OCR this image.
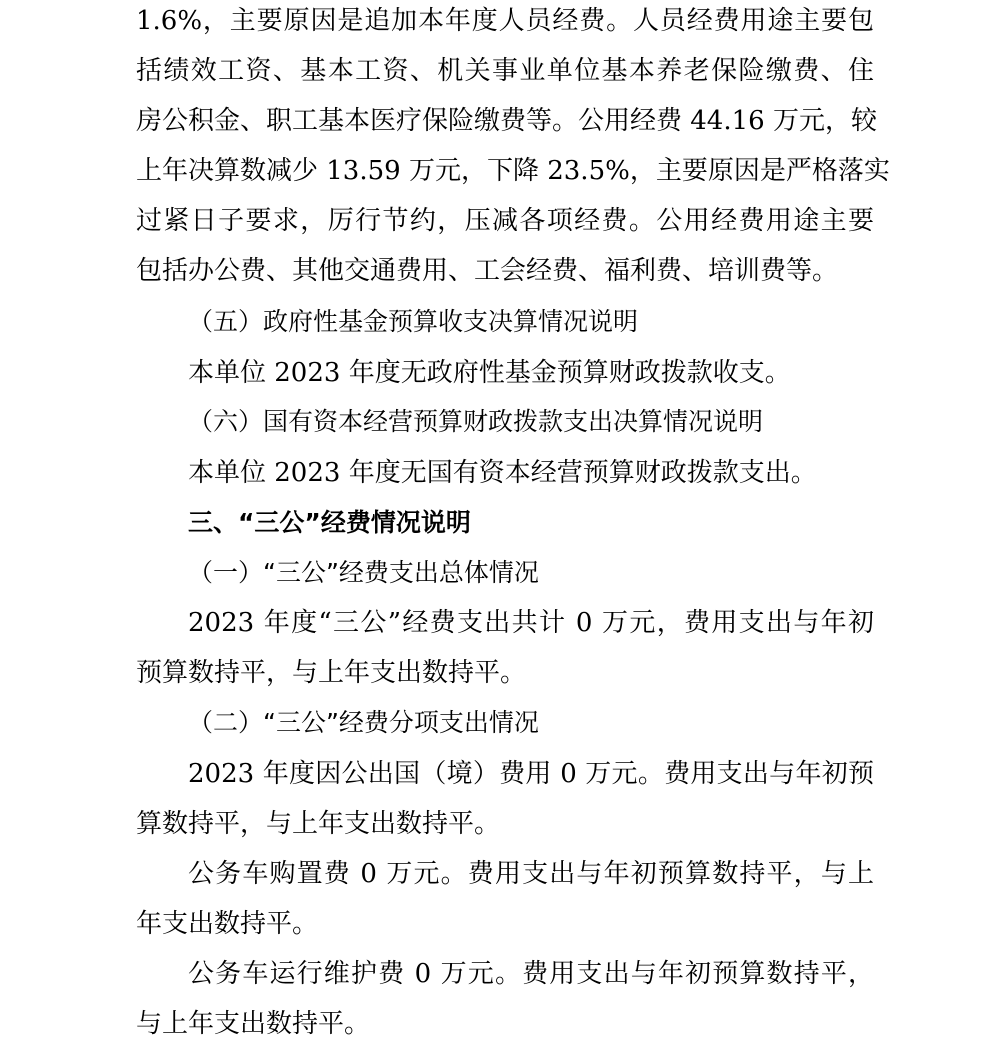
1.6%，主要原因是追加本年度人员经费。人员经费用途主要包
括绩效工资、基本工资、机关事业单位基本养老保险缴费、住
房公积金、职工基本医疗保险缴费等。公用经费 44.16 万元，较
上年决算数减少 13.59 万元，下降 23.5%，主要原因是严格落实
过紧日子要求，厉行节约，压减各项经费。公用经费用途主要
包括办公费、其他交通费用、工会经费、福利费、培训费等。
（五）政府性基金预算收支决算情况说明
本单位 2023 年度无政府性基金预算财政拨款收支。
（六）国有资本经营预算财政拨款支出决算情况说明
本单位 2023 年度无国有资本经营预算财政拨款支出。
三、“三公”经费情况说明
（一）“三公”经费支出总体情况
2023 年度“三公”经费支出共计 0 万元，费用支出与年初
预算数持平，与上年支出数持平。
（二）“三公”经费分项支出情况
2023 年度因公出国（境）费用 0 万元。费用支出与年初预
算数持平，与上年支出数持平。
公务车购置费 0 万元。费用支出与年初预算数持平，与上
年支出数持平。
公务车运行维护费 0 万元。费用支出与年初预算数持平，
与上年支出数持平。
